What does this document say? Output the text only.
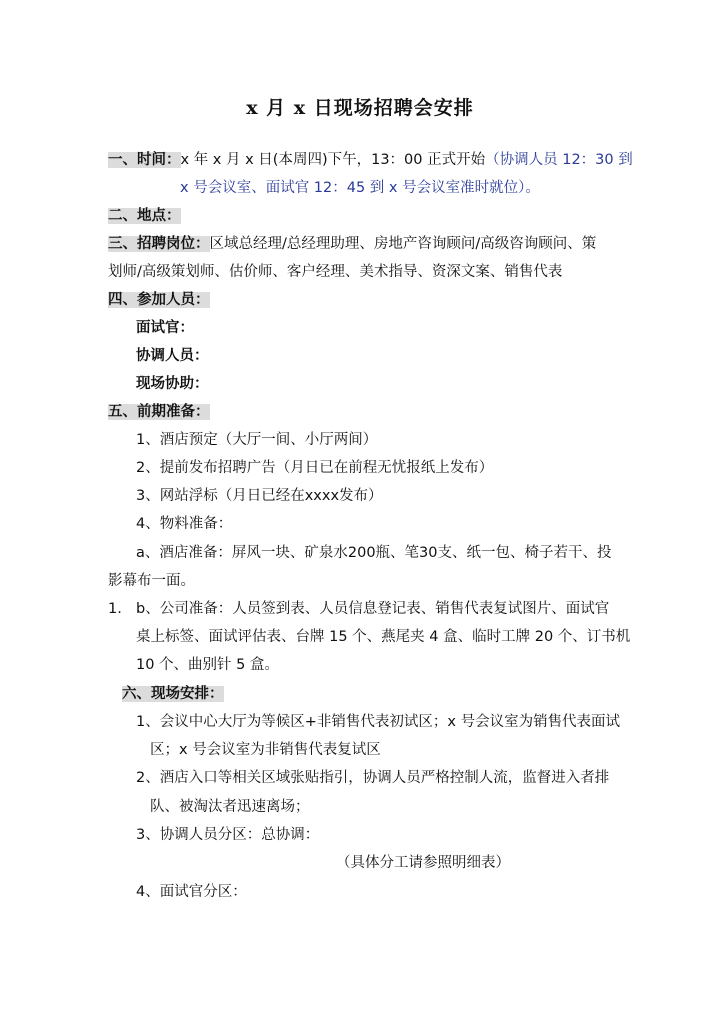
x 月 x 日现场招聘会安排
一、时间：x 年 x 月 x 日(本周四)下午，13：00 正式开始（协调人员 12：30 到
x 号会议室、面试官 12：45 到 x 号会议室准时就位）。
二、地点：
三、招聘岗位：区域总经理/总经理助理、房地产咨询顾问/高级咨询顾问、策
划师/高级策划师、估价师、客户经理、美术指导、资深文案、销售代表
四、参加人员：
面试官：
协调人员：
现场协助：
五、前期准备：
1、酒店预定（大厅一间、小厅两间）
2、提前发布招聘广告（月日已在前程无忧报纸上发布）
3、网站浮标（月日已经在xxxx发布）
4、物料准备：
a、酒店准备：屏风一块、矿泉水200瓶、笔30支、纸一包、椅子若干、投
影幕布一面。
1. b、公司准备：人员签到表、人员信息登记表、销售代表复试图片、面试官
桌上标签、面试评估表、台牌 15 个、燕尾夹 4 盒、临时工牌 20 个、订书机
10 个、曲别针 5 盒。
六、现场安排：
1、会议中心大厅为等候区+非销售代表初试区；x 号会议室为销售代表面试
区；x 号会议室为非销售代表复试区
2、酒店入口等相关区域张贴指引，协调人员严格控制人流，监督进入者排
队、被淘汰者迅速离场；
3、协调人员分区：总协调：
（具体分工请参照明细表）
4、面试官分区：
